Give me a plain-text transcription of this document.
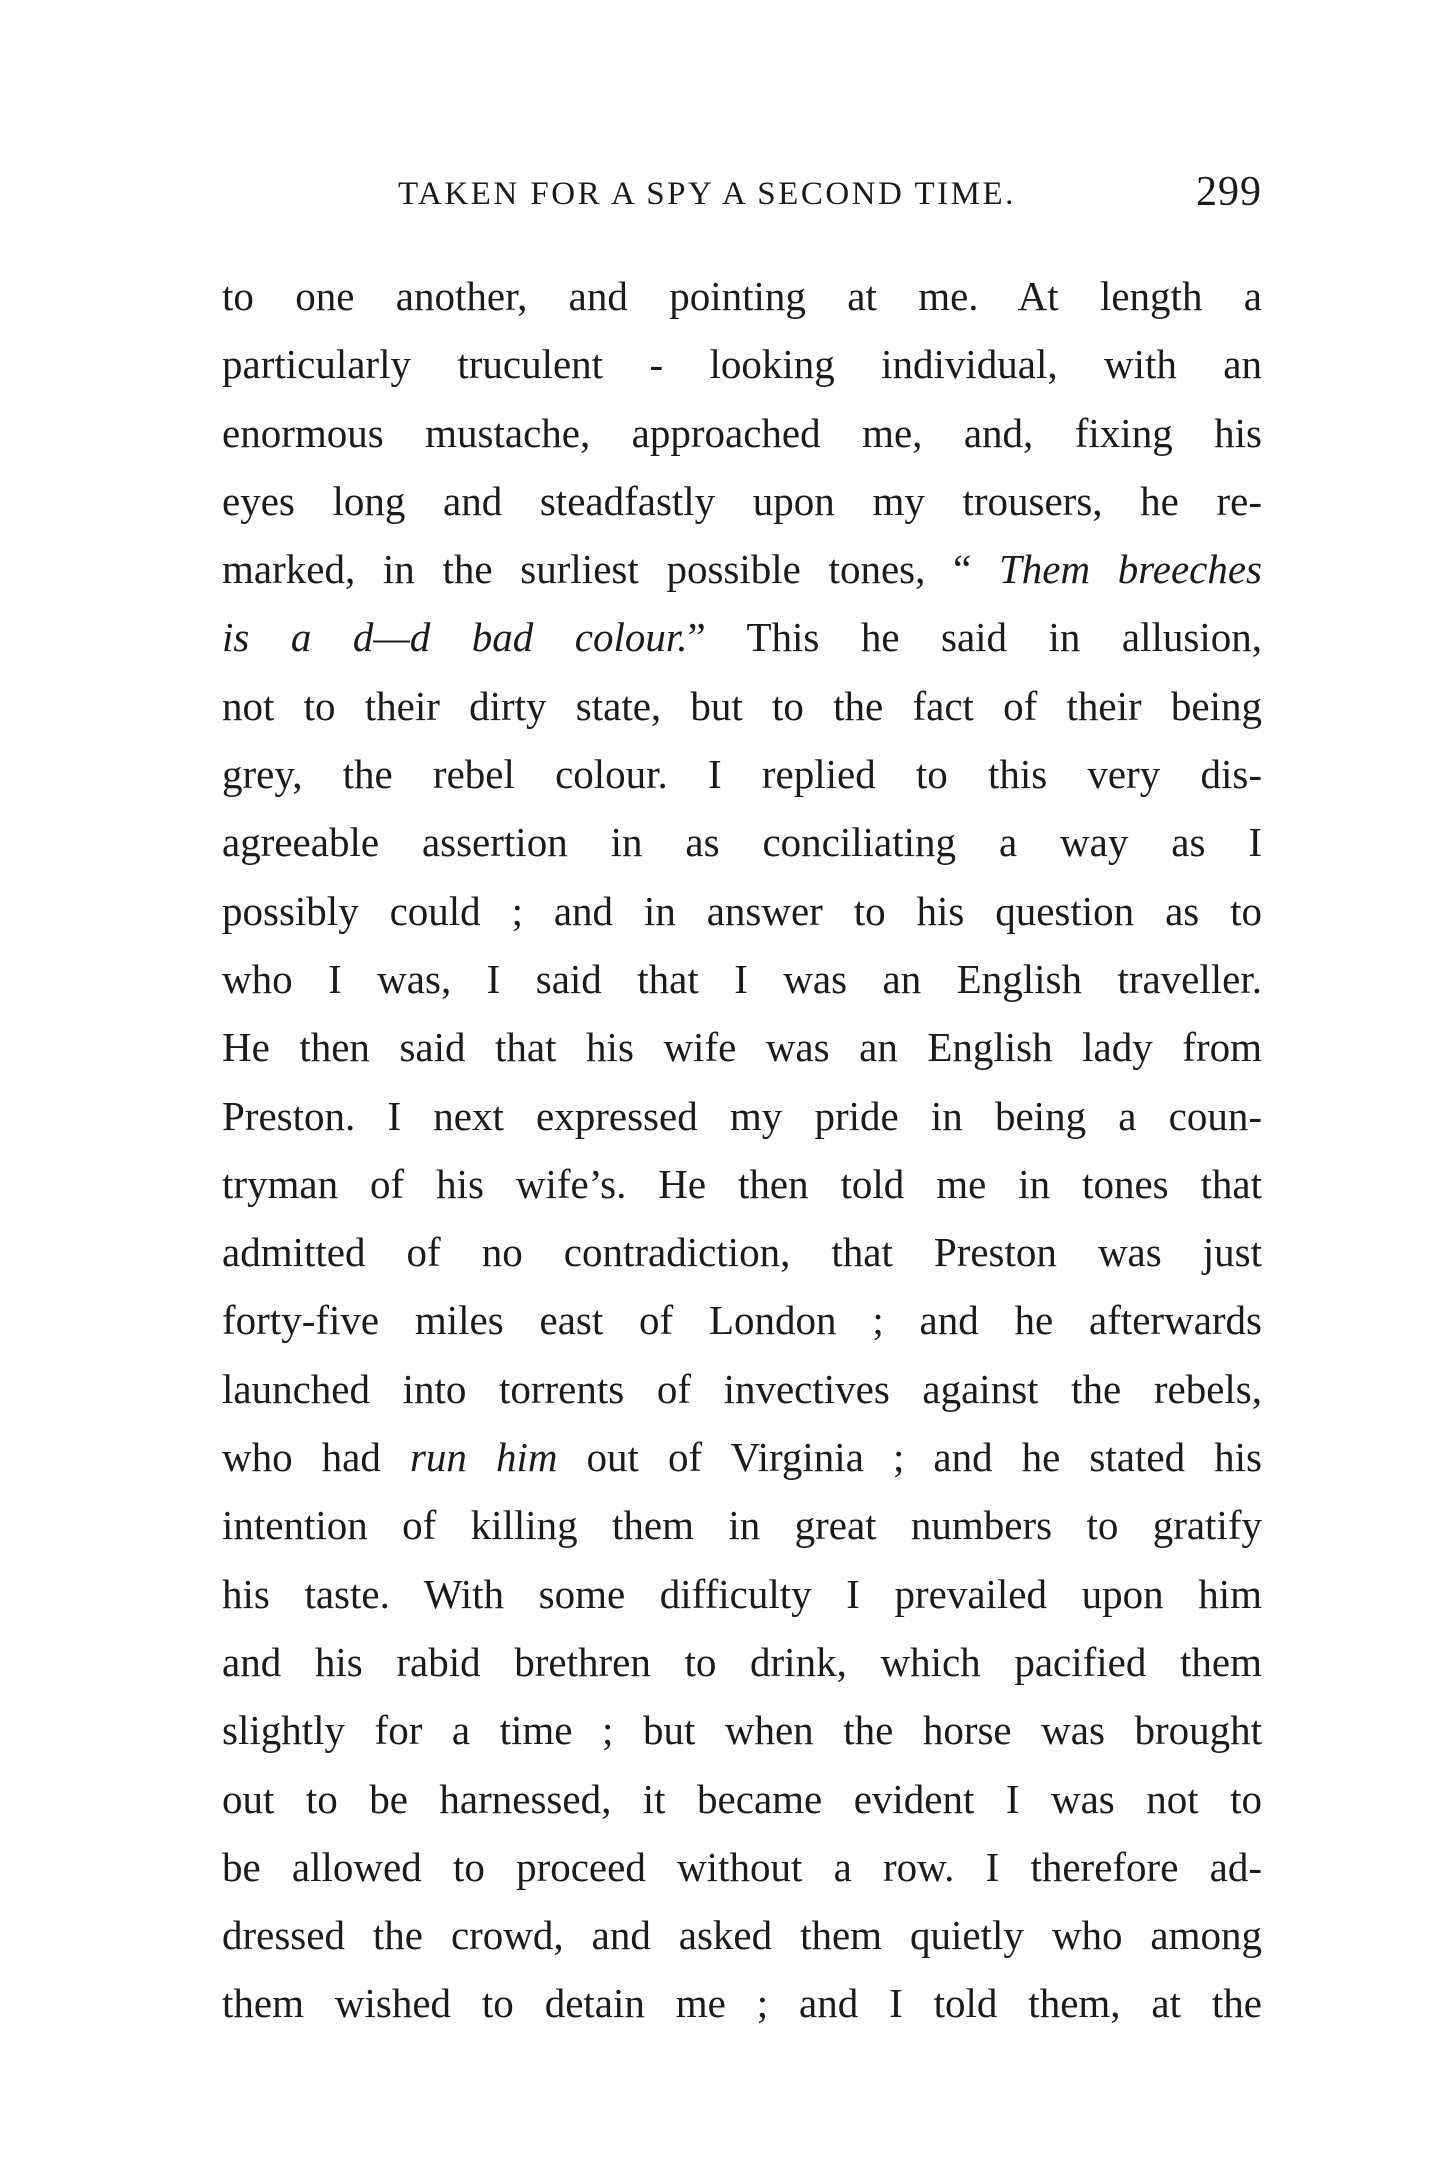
TAKEN FOR A SPY A SECOND TIME.	299
to one another, and pointing at me. At length a
particularly truculent - looking individual, with an
enormous mustache, approached me, and, fixing his
eyes long and steadfastly upon my trousers, he re-
marked, in the surliest possible tones, “ Them breeches
is a d—d bad colour.” This he said in allusion,
not to their dirty state, but to the fact of their being
grey, the rebel colour. I replied to this very dis-
agreeable assertion in as conciliating a way as I
possibly could ; and in answer to his question as to
who I was, I said that I was an English traveller.
He then said that his wife was an English lady from
Preston. I next expressed my pride in being a coun-
tryman of his wife’s. He then told me in tones that
admitted of no contradiction, that Preston was just
forty-five miles east of London ; and he afterwards
launched into torrents of invectives against the rebels,
who had run him out of Virginia ; and he stated his
intention of killing them in great numbers to gratify
his taste. With some difficulty I prevailed upon him
and his rabid brethren to drink, which pacified them
slightly for a time ; but when the horse was brought
out to be harnessed, it became evident I was not to
be allowed to proceed without a row. I therefore ad-
dressed the crowd, and asked them quietly who among
them wished to detain me ; and I told them, at the
